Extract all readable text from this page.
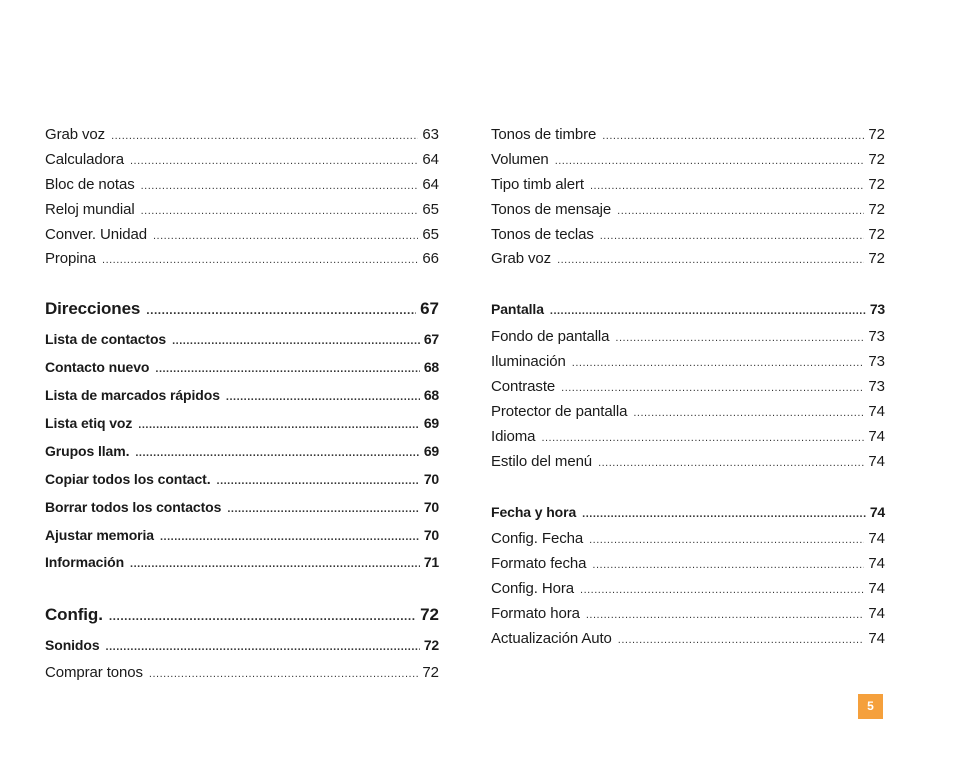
Grab voz .....	63
Calculadora .....	64
Bloc de notas .....	64
Reloj mundial .....	65
Conver. Unidad .....	65
Propina .....	66
Direcciones .....	67
Lista de contactos .....	67
Contacto nuevo .....	68
Lista de marcados rápidos .....	68
Lista etiq voz .....	69
Grupos llam. .....	69
Copiar todos los contact. .....	70
Borrar todos los contactos .....	70
Ajustar memoria .....	70
Información .....	71
Config. .....	72
Sonidos .....	72
Comprar tonos .....	72
Tonos de timbre .....	72
Volumen .....	72
Tipo timb alert .....	72
Tonos de mensaje .....	72
Tonos de teclas .....	72
Grab voz .....	72
Pantalla .....	73
Fondo de pantalla .....	73
Iluminación .....	73
Contraste .....	73
Protector de pantalla .....	74
Idioma .....	74
Estilo del menú .....	74
Fecha y hora .....	74
Config. Fecha .....	74
Formato fecha .....	74
Config. Hora .....	74
Formato hora .....	74
Actualización Auto .....	74
5
